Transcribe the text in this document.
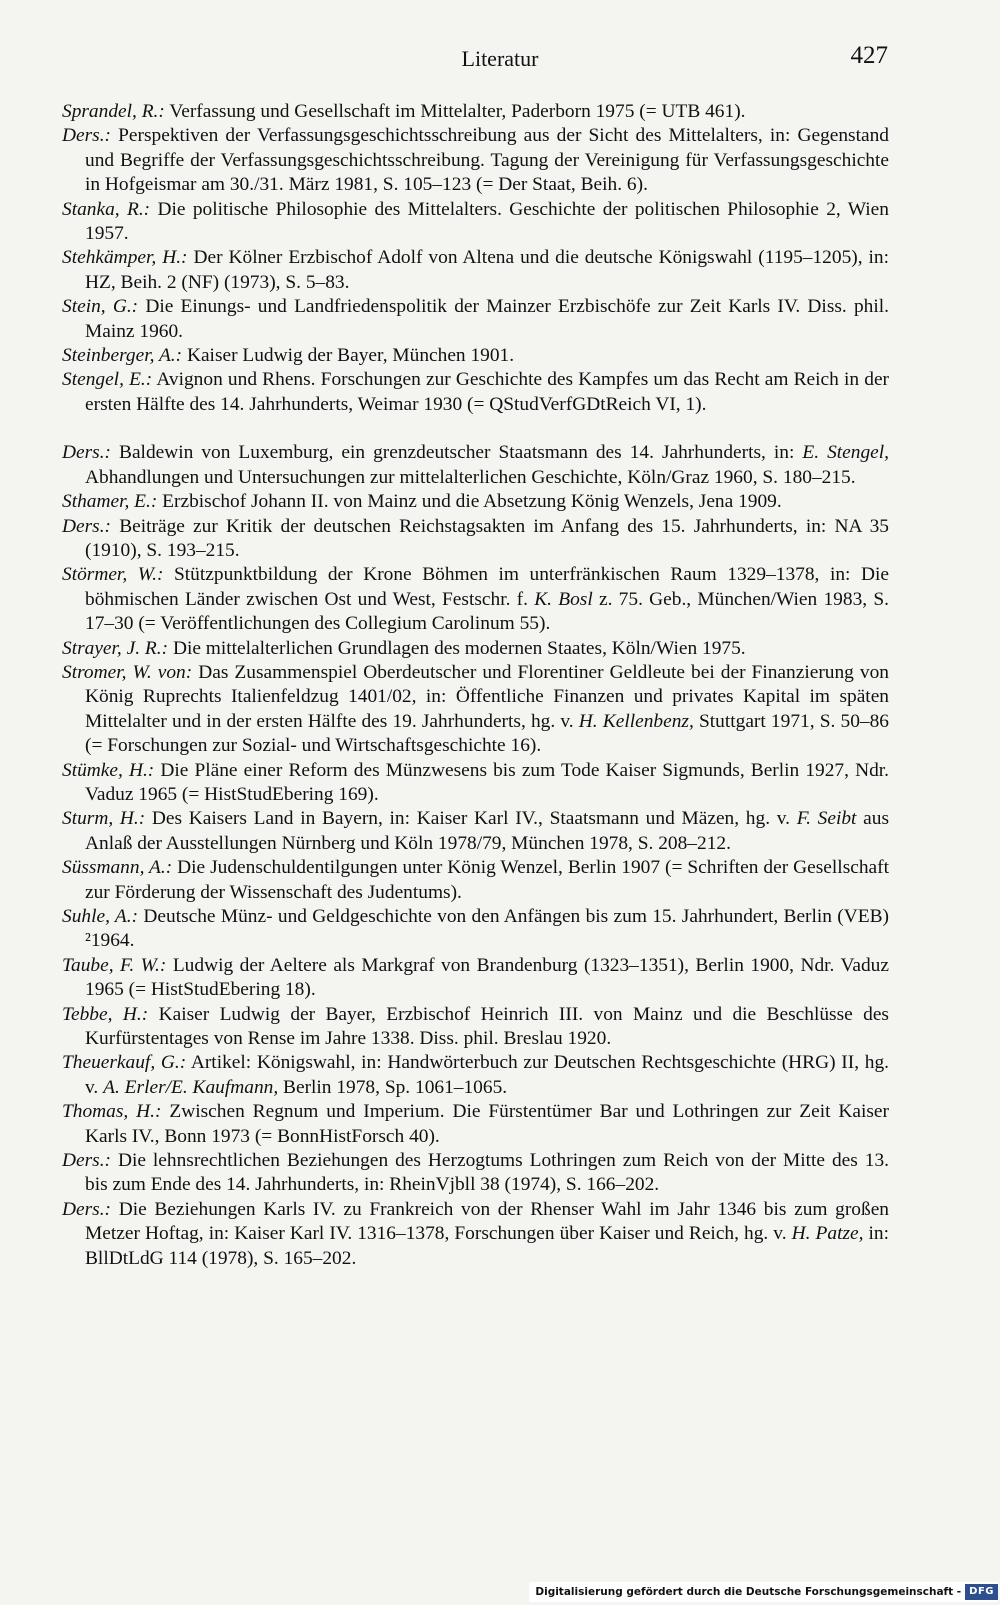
Literatur	427

Sprandel, R.: Verfassung und Gesellschaft im Mittelalter, Paderborn 1975 (= UTB 461).

Ders.: Perspektiven der Verfassungsgeschichtsschreibung aus der Sicht des Mittelalters, in: Gegenstand und Begriffe der Verfassungsgeschichtsschreibung. Tagung der Vereinigung für Verfassungsgeschichte in Hofgeismar am 30./31. März 1981, S. 105–123 (= Der Staat, Beih. 6).

Stanka, R.: Die politische Philosophie des Mittelalters. Geschichte der politischen Philosophie 2, Wien 1957.

Stehkämper, H.: Der Kölner Erzbischof Adolf von Altena und die deutsche Königswahl (1195–1205), in: HZ, Beih. 2 (NF) (1973), S. 5–83.

Stein, G.: Die Einungs- und Landfriedenspolitik der Mainzer Erzbischöfe zur Zeit Karls IV. Diss. phil. Mainz 1960.

Steinberger, A.: Kaiser Ludwig der Bayer, München 1901.

Stengel, E.: Avignon und Rhens. Forschungen zur Geschichte des Kampfes um das Recht am Reich in der ersten Hälfte des 14. Jahrhunderts, Weimar 1930 (= QStudVerfGDtReich VI, 1).

Ders.: Baldewin von Luxemburg, ein grenzdeutscher Staatsmann des 14. Jahrhunderts, in: E. Stengel, Abhandlungen und Untersuchungen zur mittelalterlichen Geschichte, Köln/Graz 1960, S. 180–215.

Sthamer, E.: Erzbischof Johann II. von Mainz und die Absetzung König Wenzels, Jena 1909.

Ders.: Beiträge zur Kritik der deutschen Reichstagsakten im Anfang des 15. Jahrhunderts, in: NA 35 (1910), S. 193–215.

Störmer, W.: Stützpunktbildung der Krone Böhmen im unterfränkischen Raum 1329–1378, in: Die böhmischen Länder zwischen Ost und West, Festschr. f. K. Bosl z. 75. Geb., München/Wien 1983, S. 17–30 (= Veröffentlichungen des Collegium Carolinum 55).

Strayer, J. R.: Die mittelalterlichen Grundlagen des modernen Staates, Köln/Wien 1975.

Stromer, W. von: Das Zusammenspiel Oberdeutscher und Florentiner Geldleute bei der Finanzierung von König Ruprechts Italienfeldzug 1401/02, in: Öffentliche Finanzen und privates Kapital im späten Mittelalter und in der ersten Hälfte des 19. Jahrhunderts, hg. v. H. Kellenbenz, Stuttgart 1971, S. 50–86 (= Forschungen zur Sozial- und Wirtschaftsgeschichte 16).

Stümke, H.: Die Pläne einer Reform des Münzwesens bis zum Tode Kaiser Sigmunds, Berlin 1927, Ndr. Vaduz 1965 (= HistStudEbering 169).

Sturm, H.: Des Kaisers Land in Bayern, in: Kaiser Karl IV., Staatsmann und Mäzen, hg. v. F. Seibt aus Anlaß der Ausstellungen Nürnberg und Köln 1978/79, München 1978, S. 208–212.

Süssmann, A.: Die Judenschuldentilgungen unter König Wenzel, Berlin 1907 (= Schriften der Gesellschaft zur Förderung der Wissenschaft des Judentums).

Suhle, A.: Deutsche Münz- und Geldgeschichte von den Anfängen bis zum 15. Jahrhundert, Berlin (VEB) ²1964.

Taube, F. W.: Ludwig der Aeltere als Markgraf von Brandenburg (1323–1351), Berlin 1900, Ndr. Vaduz 1965 (= HistStudEbering 18).

Tebbe, H.: Kaiser Ludwig der Bayer, Erzbischof Heinrich III. von Mainz und die Beschlüsse des Kurfürstentages von Rense im Jahre 1338. Diss. phil. Breslau 1920.

Theuerkauf, G.: Artikel: Königswahl, in: Handwörterbuch zur Deutschen Rechtsgeschichte (HRG) II, hg. v. A. Erler/E. Kaufmann, Berlin 1978, Sp. 1061–1065.

Thomas, H.: Zwischen Regnum und Imperium. Die Fürstentümer Bar und Lothringen zur Zeit Kaiser Karls IV., Bonn 1973 (= BonnHistForsch 40).

Ders.: Die lehnsrechtlichen Beziehungen des Herzogtums Lothringen zum Reich von der Mitte des 13. bis zum Ende des 14. Jahrhunderts, in: RheinVjbll 38 (1974), S. 166–202.

Ders.: Die Beziehungen Karls IV. zu Frankreich von der Rhenser Wahl im Jahr 1346 bis zum großen Metzer Hoftag, in: Kaiser Karl IV. 1316–1378, Forschungen über Kaiser und Reich, hg. v. H. Patze, in: BllDtLdG 114 (1978), S. 165–202.

Digitalisierung gefördert durch die Deutsche Forschungsgemeinschaft - DFG
